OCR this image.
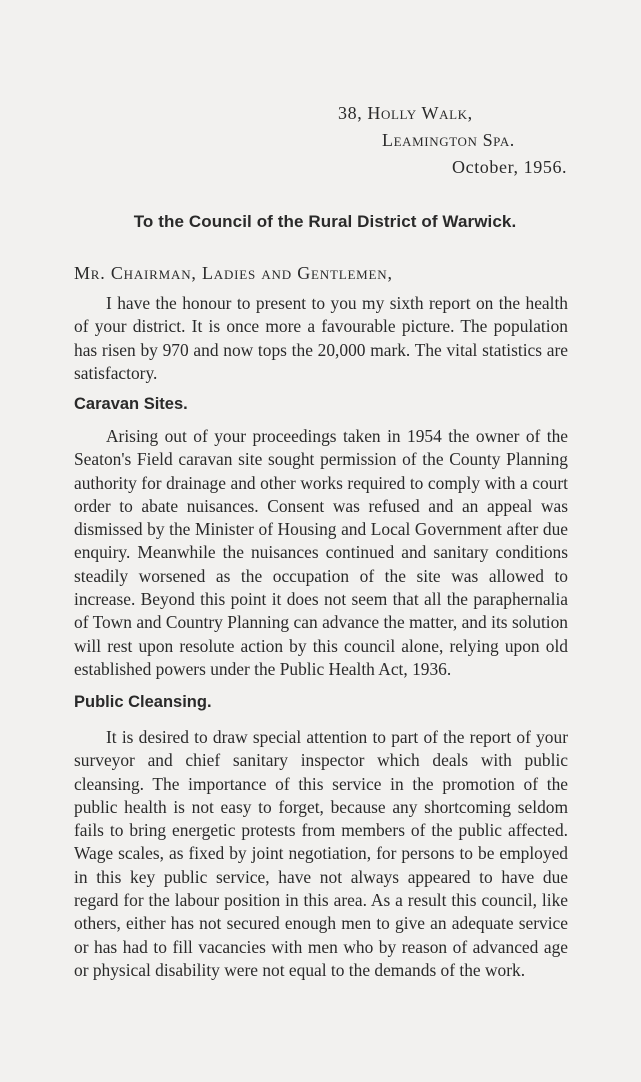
38, Holly Walk,
Leamington Spa.
October, 1956.
To the Council of the Rural District of Warwick.
Mr. Chairman, Ladies and Gentlemen,

I have the honour to present to you my sixth report on the health of your district. It is once more a favourable picture. The population has risen by 970 and now tops the 20,000 mark. The vital statistics are satisfactory.

Caravan Sites.

Arising out of your proceedings taken in 1954 the owner of the Seaton's Field caravan site sought permission of the County Planning authority for drainage and other works required to comply with a court order to abate nuisances. Consent was refused and an appeal was dismissed by the Minister of Housing and Local Government after due enquiry. Meanwhile the nuisances continued and sanitary conditions steadily worsened as the occupation of the site was allowed to increase. Beyond this point it does not seem that all the paraphernalia of Town and Country Planning can advance the matter, and its solution will rest upon resolute action by this council alone, relying upon old established powers under the Public Health Act, 1936.

Public Cleansing.

It is desired to draw special attention to part of the report of your surveyor and chief sanitary inspector which deals with public cleansing. The importance of this service in the promotion of the public health is not easy to forget, because any shortcoming seldom fails to bring energetic protests from members of the public affected. Wage scales, as fixed by joint negotiation, for persons to be employed in this key public service, have not always appeared to have due regard for the labour position in this area. As a result this council, like others, either has not secured enough men to give an adequate service or has had to fill vacancies with men who by reason of advanced age or physical disability were not equal to the demands of the work.
